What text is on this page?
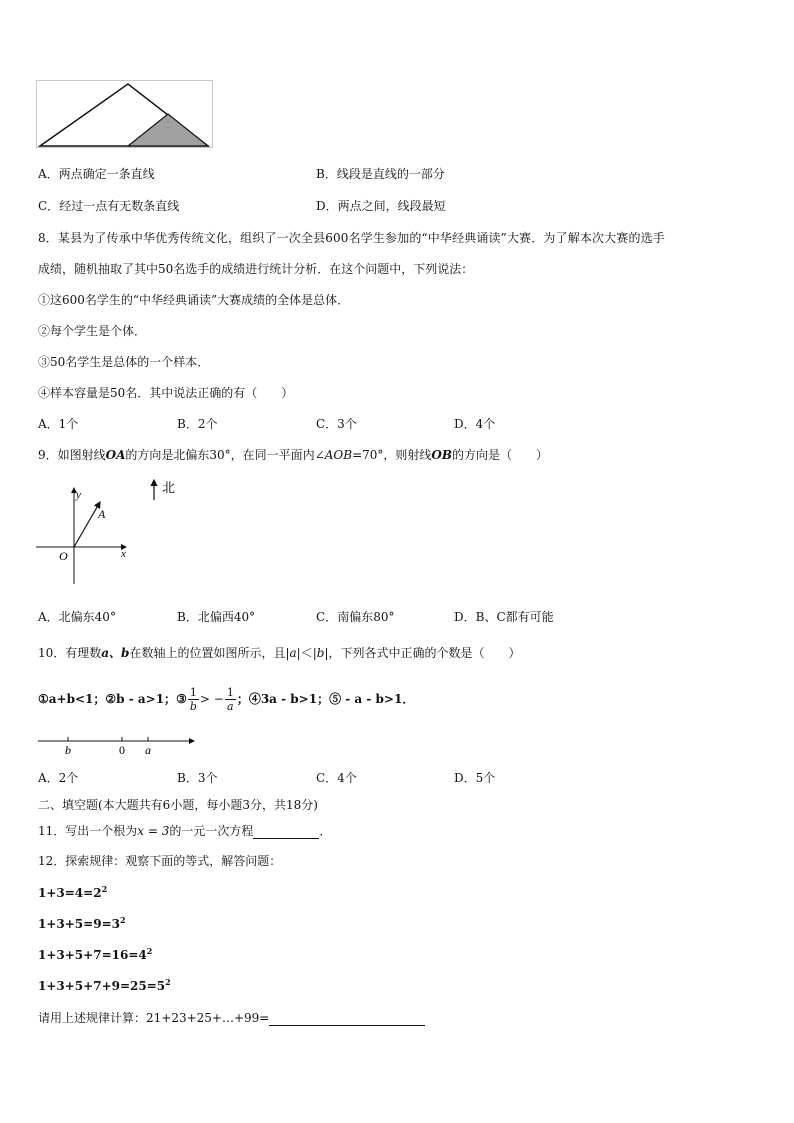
A．两点确定一条直线	B．线段是直线的一部分
C．经过一点有无数条直线	D．两点之间，线段最短
8．某县为了传承中华优秀传统文化，组织了一次全县600名学生参加的“中华经典诵读”大赛．为了解本次大赛的选手
成绩，随机抽取了其中50名选手的成绩进行统计分析．在这个问题中，下列说法：
①这600名学生的“中华经典诵读”大赛成绩的全体是总体．
②每个学生是个体．
③50名学生是总体的一个样本．
④样本容量是50名．其中说法正确的有（　　）
A．1个	B．2个	C．3个	D．4个
9．如图射线OA的方向是北偏东30°，在同一平面内∠AOB=70°，则射线OB的方向是（　　）
北
y
x
A
O
A．北偏东40°	B．北偏西40°	C．南偏东80°	D．B、C都有可能
10．有理数a、b在数轴上的位置如图所示，且|a|＜|b|，下列各式中正确的个数是（　　）
①a+b<1；②b - a>1；③ $\frac{1}{b}$ > − $\frac{1}{a}$ ；④3a - b>1；⑤ - a - b>1．
b	0 a
A．2个	B．3个	C．4个	D．5个
二、填空题(本大题共有6小题，每小题3分，共18分)
11．写出一个根为x = 3的一元一次方程	．
12．探索规律：观察下面的等式，解答问题：
$1+3=4=2^2$
$1+3+5=9=3^2$
$1+3+5+7=16=4^2$
$1+3+5+7+9=25=5^2$
请用上述规律计算：21+23+25+…+99=
